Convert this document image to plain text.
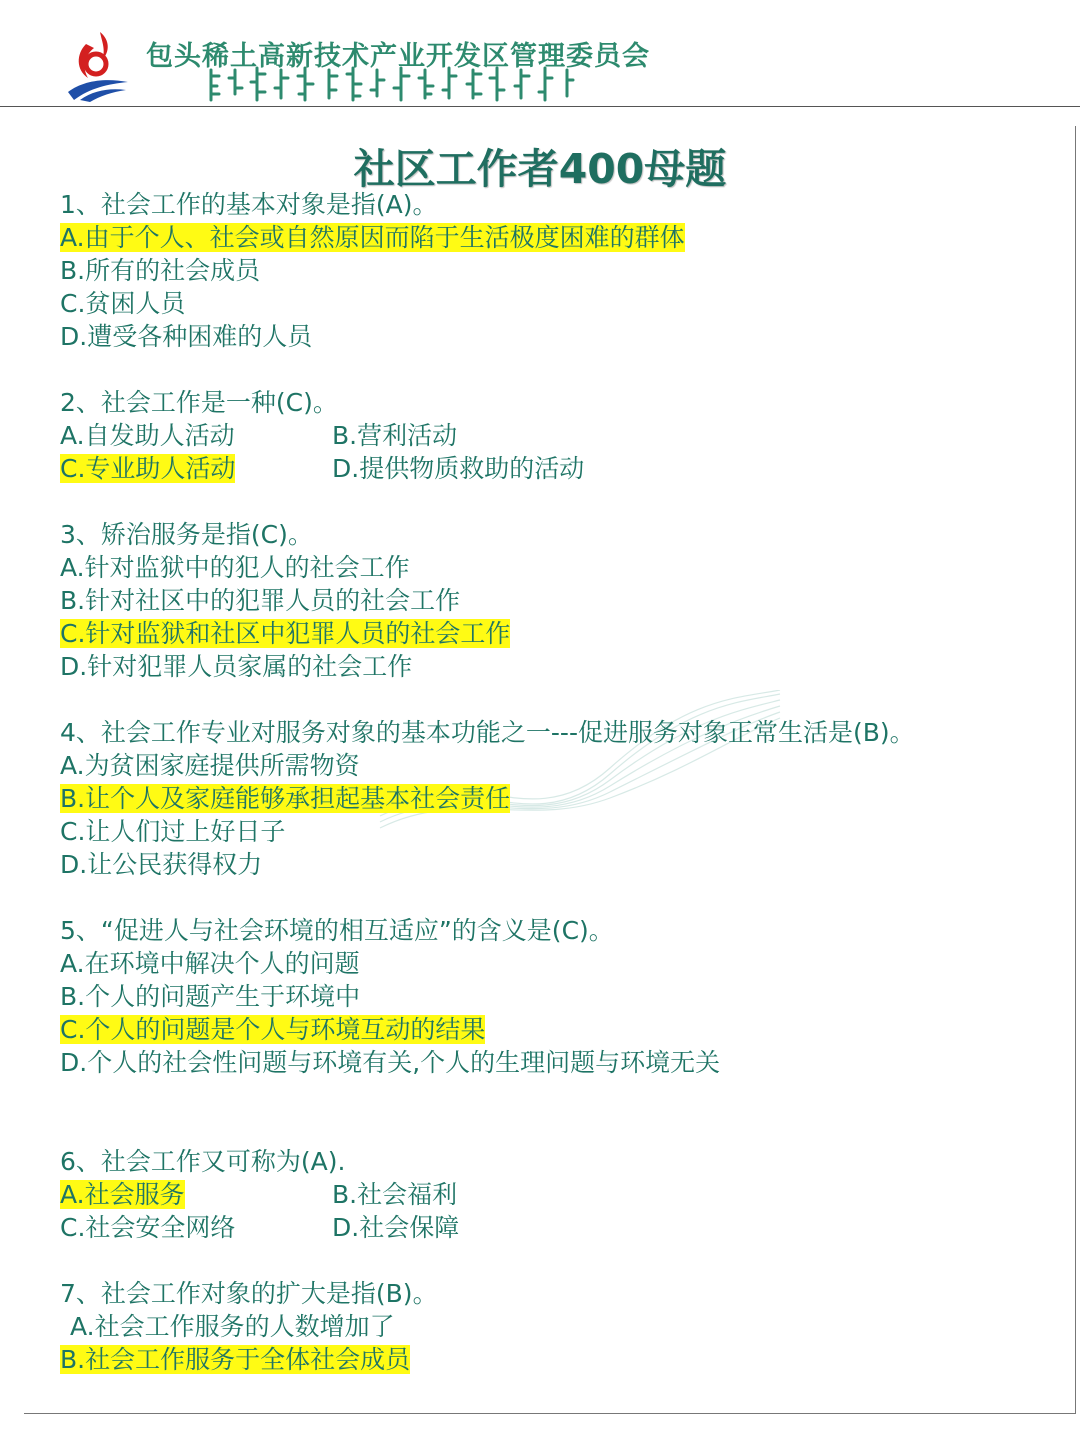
包头稀土高新技术产业开发区管理委员会
社区工作者400母题
1、社会工作的基本对象是指(A)。
A.由于个人、社会或自然原因而陷于生活极度困难的群体
B.所有的社会成员
C.贫困人员
D.遭受各种困难的人员
2、社会工作是一种(C)。
A.自发助人活动	B.营利活动
C.专业助人活动	D.提供物质救助的活动
3、矫治服务是指(C)。
A.针对监狱中的犯人的社会工作
B.针对社区中的犯罪人员的社会工作
C.针对监狱和社区中犯罪人员的社会工作
D.针对犯罪人员家属的社会工作
4、社会工作专业对服务对象的基本功能之一---促进服务对象正常生活是(B)。
A.为贫困家庭提供所需物资
B.让个人及家庭能够承担起基本社会责任
C.让人们过上好日子
D.让公民获得权力
5、“促进人与社会环境的相互适应”的含义是(C)。
A.在环境中解决个人的问题
B.个人的问题产生于环境中
C.个人的问题是个人与环境互动的结果
D.个人的社会性问题与环境有关,个人的生理问题与环境无关
6、社会工作又可称为(A).
A.社会服务	B.社会福利
C.社会安全网络	D.社会保障
7、社会工作对象的扩大是指(B)。
A.社会工作服务的人数增加了
B.社会工作服务于全体社会成员
